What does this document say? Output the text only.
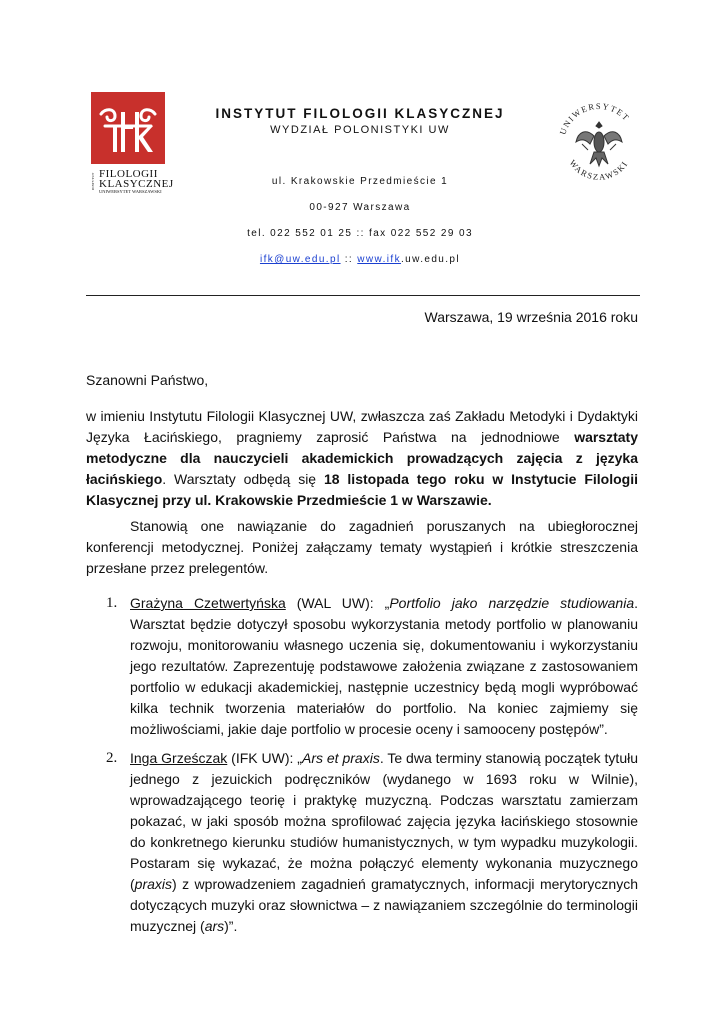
INSTYTUT FILOLOGII
KLASYCZNEJ
UNIWERSYTET WARSZAWSKI
INSTYTUT FILOLOGII KLASYCZNEJ
WYDZIAŁ POLONISTYKI UW
ul. Krakowskie Przedmieście 1
00-927 Warszawa
tel. 022 552 01 25 :: fax 022 552 29 03
ifk@uw.edu.pl :: www.ifk.uw.edu.pl
UNIWERSYTET
WARSZAWSKI
Warszawa, 19 września 2016 roku
Szanowni Państwo,
w imieniu Instytutu Filologii Klasycznej UW, zwłaszcza zaś Zakładu Metodyki i Dydaktyki Języka Łacińskiego, pragniemy zaprosić Państwa na jednodniowe warsztaty metodyczne dla nauczycieli akademickich prowadzących zajęcia z języka łacińskiego. Warsztaty odbędą się 18 listopada tego roku w Instytucie Filologii Klasycznej przy ul. Krakowskie Przedmieście 1 w Warszawie.
Stanowią one nawiązanie do zagadnień poruszanych na ubiegłorocznej konferencji metodycznej. Poniżej załączamy tematy wystąpień i krótkie streszczenia przesłane przez prelegentów.
1. Grażyna Czetwertyńska (WAL UW): „Portfolio jako narzędzie studiowania. Warsztat będzie dotyczył sposobu wykorzystania metody portfolio w planowaniu rozwoju, monitorowaniu własnego uczenia się, dokumentowaniu i wykorzystaniu jego rezultatów. Zaprezentuję podstawowe założenia związane z zastosowaniem portfolio w edukacji akademickiej, następnie uczestnicy będą mogli wypróbować kilka technik tworzenia materiałów do portfolio. Na koniec zajmiemy się możliwościami, jakie daje portfolio w procesie oceny i samooceny postępów”.
2. Inga Grześczak (IFK UW): „Ars et praxis. Te dwa terminy stanowią początek tytułu jednego z jezuickich podręczników (wydanego w 1693 roku w Wilnie), wprowadzającego teorię i praktykę muzyczną. Podczas warsztatu zamierzam pokazać, w jaki sposób można sprofilować zajęcia języka łacińskiego stosownie do konkretnego kierunku studiów humanistycznych, w tym wypadku muzykologii. Postaram się wykazać, że można połączyć elementy wykonania muzycznego (praxis) z wprowadzeniem zagadnień gramatycznych, informacji merytorycznych dotyczących muzyki oraz słownictwa – z nawiązaniem szczególnie do terminologii muzycznej (ars)”.
